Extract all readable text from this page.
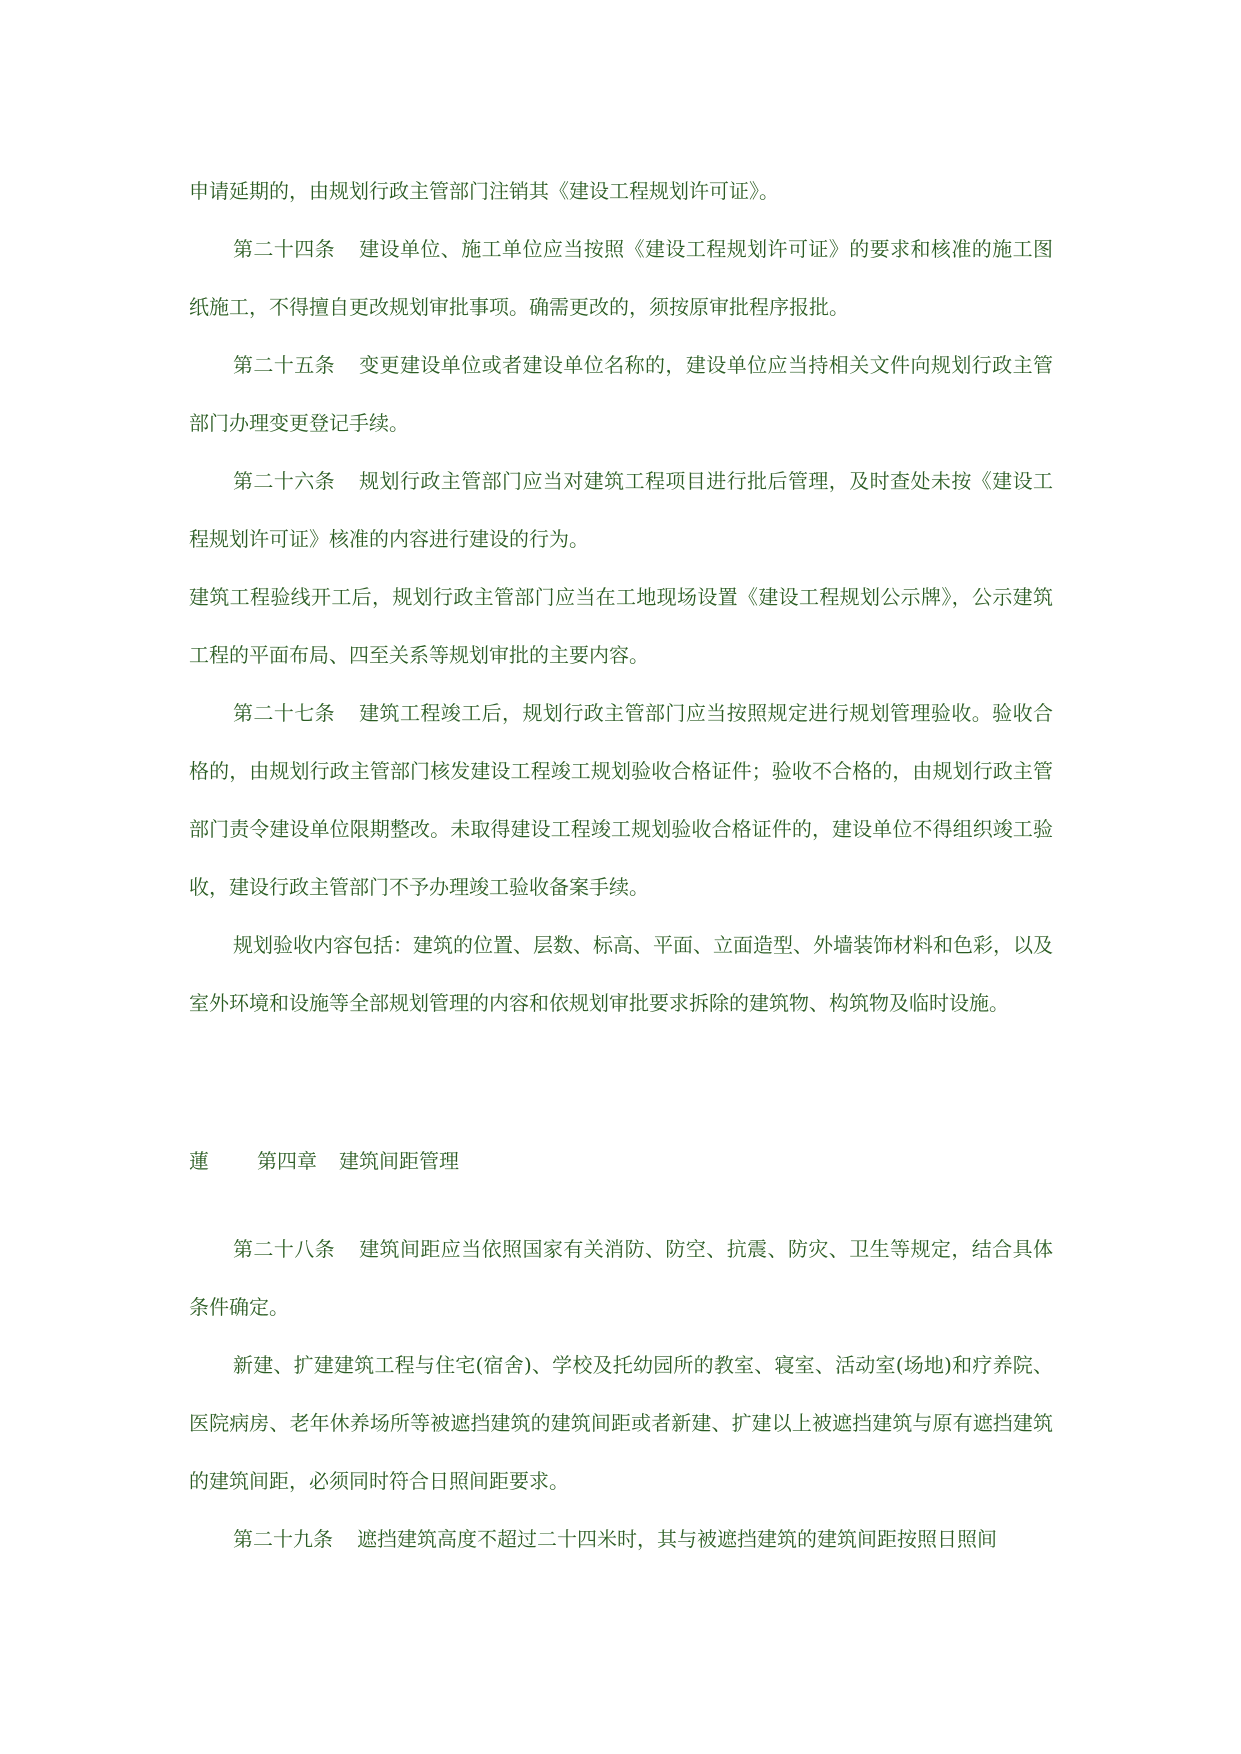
申请延期的，由规划行政主管部门注销其《建设工程规划许可证》。

第二十四条 建设单位、施工单位应当按照《建设工程规划许可证》的要求和核准的施工图纸施工，不得擅自更改规划审批事项。确需更改的，须按原审批程序报批。

第二十五条 变更建设单位或者建设单位名称的，建设单位应当持相关文件向规划行政主管部门办理变更登记手续。

第二十六条 规划行政主管部门应当对建筑工程项目进行批后管理，及时查处未按《建设工程规划许可证》核准的内容进行建设的行为。

建筑工程验线开工后，规划行政主管部门应当在工地现场设置《建设工程规划公示牌》，公示建筑工程的平面布局、四至关系等规划审批的主要内容。

第二十七条 建筑工程竣工后，规划行政主管部门应当按照规定进行规划管理验收。验收合格的，由规划行政主管部门核发建设工程竣工规划验收合格证件；验收不合格的，由规划行政主管部门责令建设单位限期整改。未取得建设工程竣工规划验收合格证件的，建设单位不得组织竣工验收，建设行政主管部门不予办理竣工验收备案手续。

规划验收内容包括：建筑的位置、层数、标高、平面、立面造型、外墙装饰材料和色彩，以及室外环境和设施等全部规划管理的内容和依规划审批要求拆除的建筑物、构筑物及临时设施。

蓮 第四章 建筑间距管理

第二十八条 建筑间距应当依照国家有关消防、防空、抗震、防灾、卫生等规定，结合具体条件确定。

新建、扩建建筑工程与住宅(宿舍)、学校及托幼园所的教室、寝室、活动室(场地)和疗养院、医院病房、老年休养场所等被遮挡建筑的建筑间距或者新建、扩建以上被遮挡建筑与原有遮挡建筑的建筑间距，必须同时符合日照间距要求。

第二十九条 遮挡建筑高度不超过二十四米时，其与被遮挡建筑的建筑间距按照日照间
